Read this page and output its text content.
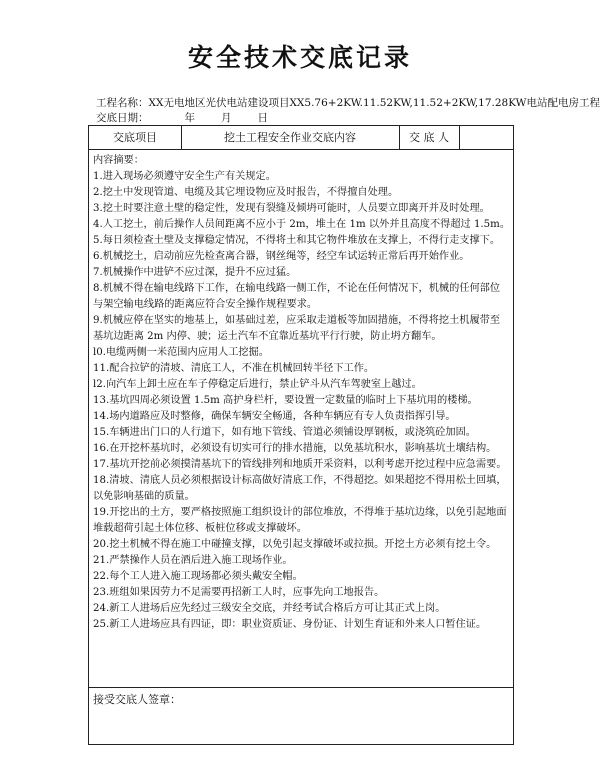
安全技术交底记录
工程名称：XX无电地区光伏电站建设项目XX5.76+2KW.11.52KW,11.52+2KW,17.28KW电站配电房工程
交底日期：	年 月 日
交底项目	挖土工程安全作业交底内容	交 底 人

内容摘要：

1.进入现场必须遵守安全生产有关规定。

2.挖土中发现管道、电缆及其它埋设物应及时报告，不得擅自处理。

3.挖土时要注意土壁的稳定性，发现有裂缝及倾坍可能时，人员要立即离开并及时处理。

4.人工挖土，前后操作人员间距离不应小于 2m，堆土在 1m 以外并且高度不得超过 1.5m。

5.每日须检查土壁及支撑稳定情况，不得将土和其它物件堆放在支撑上，不得行走支撑下。

6.机械挖土，启动前应先检查离合器，钢丝绳等，经空车试运转正常后再开始作业。

7.机械操作中进铲不应过深，提升不应过猛。

8.机械不得在输电线路下工作，在输电线路一侧工作，不论在任何情况下，机械的任何部位与架空输电线路的距离应符合安全操作规程要求。

9.机械应停在坚实的地基上，如基础过差，应采取走道板等加固措施，不得将挖土机履带至基坑边距离 2m 内停、驶；运土汽车不宜靠近基坑平行行驶，防止坍方翻车。

l0.电缆两侧一米范围内应用人工挖掘。

11.配合拉铲的清坡、清底工人，不准在机械回转半径下工作。

l2.向汽车上卸土应在车子停稳定后进行，禁止铲斗从汽车驾驶室上越过。

13.基坑四周必须设置 1.5m 高护身栏杆，要设置一定数量的临时上下基坑用的楼梯。

14.场内道路应及时整修，确保车辆安全畅通，各种车辆应有专人负责指挥引导。

15.车辆进出门口的人行道下，如有地下管线、管道必须铺设厚钢板，或浇筑砼加固。

16.在开挖杯基坑时，必须设有切实可行的排水措施，以免基坑积水，影响基坑土壤结构。

17.基坑开挖前必须摸清基坑下的管线排列和地质开采资料，以利考虑开挖过程中应急需要。

18.清坡、清底人员必须根据设计标高做好清底工作，不得超挖。如果超挖不得用松土回填，以免影响基础的质量。

19.开挖出的土方，要严格按照施工组织设计的部位堆放，不得堆于基坑边缘，以免引起地面堆载超荷引起土体位移、板桩位移或支撑破坏。

20.挖土机械不得在施工中碰撞支撑，以免引起支撑破坏或拉损。开挖土方必须有挖土令。

21.严禁操作人员在酒后进入施工现场作业。

22.每个工人进入施工现场都必须头戴安全帽。

23.班组如果因劳力不足需要再招新工人时，应事先向工地报告。

24.新工人进场后应先经过三级安全交底，并经考试合格后方可让其正式上岗。

25.新工人进场应具有四证，即：职业资质证、身份证、计划生育证和外来人口暂住证。

接受交底人签章：
